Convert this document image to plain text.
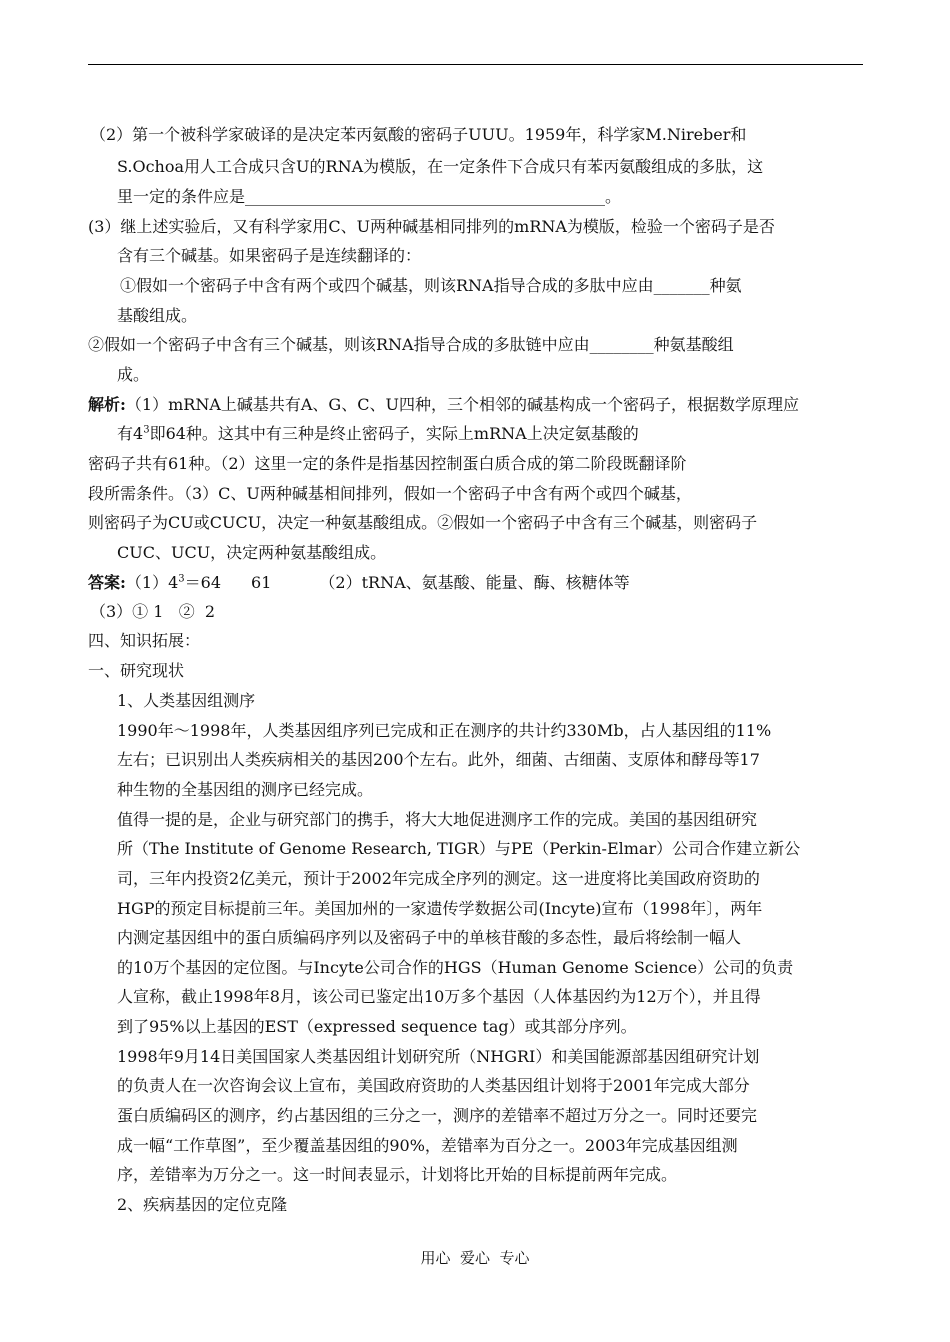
（2）第一个被科学家破译的是决定苯丙氨酸的密码子UUU。1959年，科学家M.Nireber和
S.Ochoa用人工合成只含U的RNA为模版，在一定条件下合成只有苯丙氨酸组成的多肽，这
里一定的条件应是_____________________________________________。
(3）继上述实验后，又有科学家用C、U两种碱基相同排列的mRNA为模版，检验一个密码子是否
含有三个碱基。如果密码子是连续翻译的：
①假如一个密码子中含有两个或四个碱基，则该RNA指导合成的多肽中应由_______种氨
基酸组成。
②假如一个密码子中含有三个碱基，则该RNA指导合成的多肽链中应由________种氨基酸组
成。
解析:（1）mRNA上碱基共有A、G、C、U四种，三个相邻的碱基构成一个密码子，根据数学原理应
有$4^3$即64种。这其中有三种是终止密码子，实际上mRNA上决定氨基酸的
密码子共有61种。（2）这里一定的条件是指基因控制蛋白质合成的第二阶段既翻译阶
段所需条件。（3）C、U两种碱基相间排列，假如一个密码子中含有两个或四个碱基，
则密码子为CU或CUCU，决定一种氨基酸组成。②假如一个密码子中含有三个碱基，则密码子
CUC、UCU，决定两种氨基酸组成。
答案$:(1)4^3=64$ 61	（2）tRNA、氨基酸、能量、酶、核糖体等
（3）① 1   ②  2
四、知识拓展：
一、研究现状
1、人类基因组测序
1990年～1998年，人类基因组序列已完成和正在测序的共计约330Mb，占人基因组的11%
左右；已识别出人类疾病相关的基因200个左右。此外，细菌、古细菌、支原体和酵母等17
种生物的全基因组的测序已经完成。
值得一提的是，企业与研究部门的携手，将大大地促进测序工作的完成。美国的基因组研究
所（The Institute of Genome Research, TIGR）与PE（Perkin-Elmar）公司合作建立新公
司，三年内投资2亿美元，预计于2002年完成全序列的测定。这一进度将比美国政府资助的
HGP的预定目标提前三年。美国加州的一家遗传学数据公司(Incyte)宣布（1998年〕，两年
内测定基因组中的蛋白质编码序列以及密码子中的单核苷酸的多态性，最后将绘制一幅人
的10万个基因的定位图。与Incyte公司合作的HGS（Human Genome Science）公司的负责
人宣称，截止1998年8月，该公司已鉴定出10万多个基因（人体基因约为12万个），并且得
到了95%以上基因的EST（expressed sequence tag）或其部分序列。
1998年9月14日美国国家人类基因组计划研究所（NHGRI）和美国能源部基因组研究计划
的负责人在一次咨询会议上宣布，美国政府资助的人类基因组计划将于2001年完成大部分
蛋白质编码区的测序，约占基因组的三分之一，测序的差错率不超过万分之一。同时还要完
成一幅“工作草图”，至少覆盖基因组的90%，差错率为百分之一。2003年完成基因组测
序，差错率为万分之一。这一时间表显示，计划将比开始的目标提前两年完成。
2、疾病基因的定位克隆
用心  爱心  专心
